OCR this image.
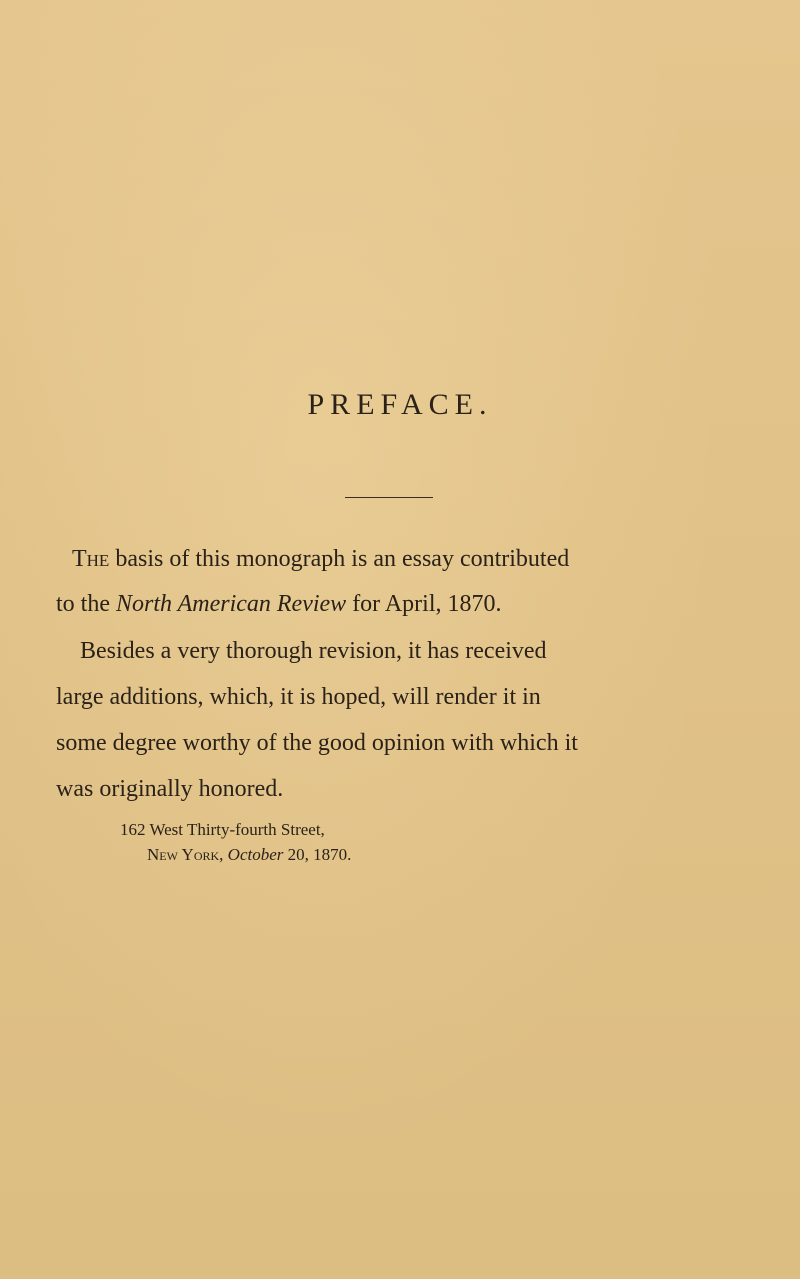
PREFACE.
The basis of this monograph is an essay contributed
to the North American Review for April, 1870.
Besides a very thorough revision, it has received
large additions, which, it is hoped, will render it in
some degree worthy of the good opinion with which it
was originally honored.
162 West Thirty-fourth Street,
New York, October 20, 1870.
